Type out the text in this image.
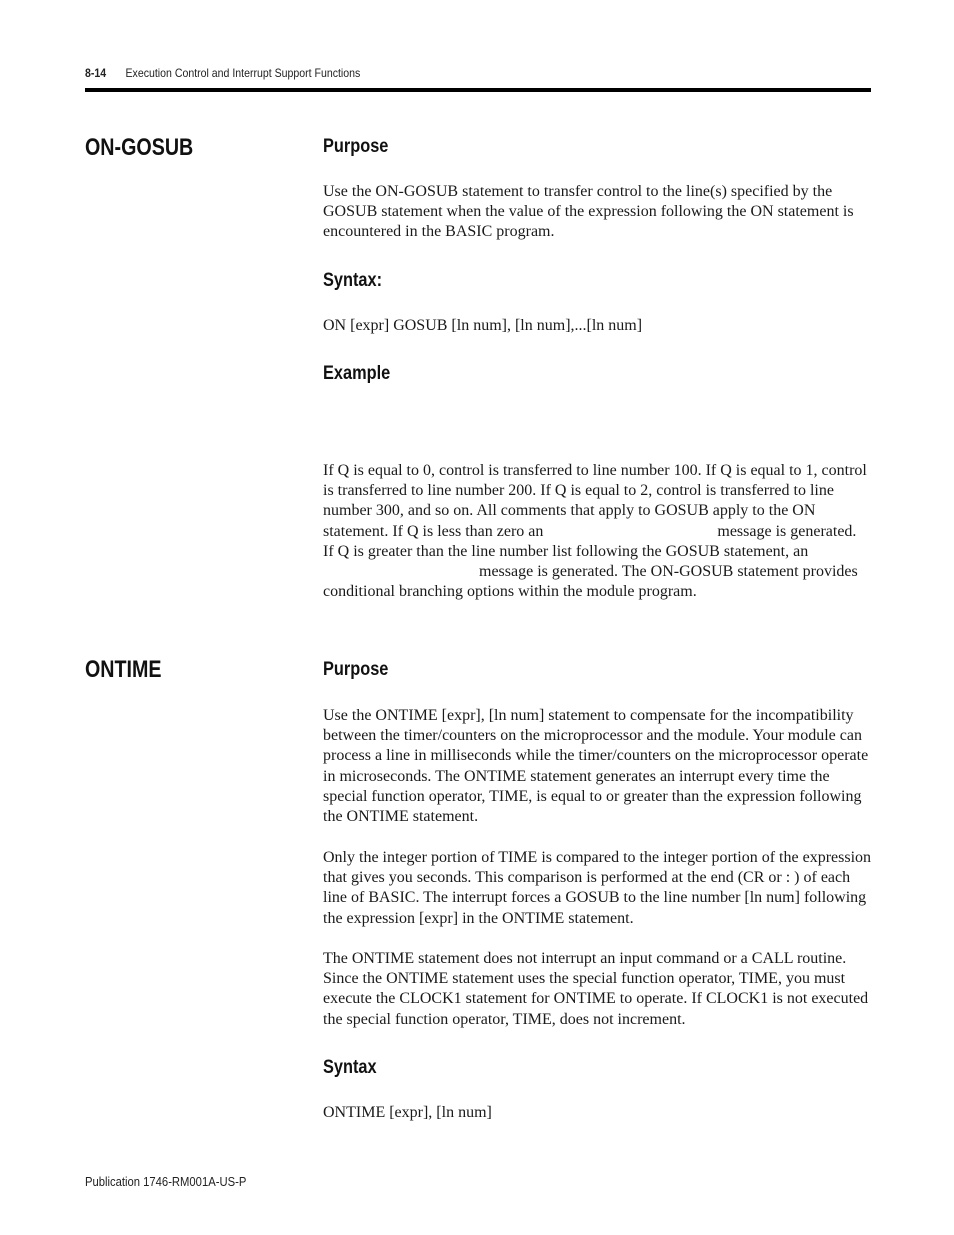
8-14 Execution Control and Interrupt Support Functions
ON-GOSUB	Purpose

Use the ON-GOSUB statement to transfer control to the line(s) specified by the GOSUB statement when the value of the expression following the ON statement is encountered in the BASIC program.

Syntax:

ON [expr] GOSUB [ln num], [ln num],...[ln num]

Example

If Q is equal to 0, control is transferred to line number 100. If Q is equal to 1, control is transferred to line number 200. If Q is equal to 2, control is transferred to line number 300, and so on. All comments that apply to GOSUB apply to the ON statement. If Q is less than zero an	message is generated. If Q is greater than the line number list following the GOSUB statement, anmessage is generated. The ON-GOSUB statement provides conditional branching options within the module program.

ONTIME	Purpose

Use the ONTIME [expr], [ln num] statement to compensate for the incompatibility between the timer/counters on the microprocessor and the module. Your module can process a line in milliseconds while the timer/counters on the microprocessor operate in microseconds. The ONTIME statement generates an interrupt every time the special function operator, TIME, is equal to or greater than the expression following the ONTIME statement.

Only the integer portion of TIME is compared to the integer portion of the expression that gives you seconds. This comparison is performed at the end (CR or : ) of each line of BASIC. The interrupt forces a GOSUB to the line number [ln num] following the expression [expr] in the ONTIME statement.

The ONTIME statement does not interrupt an input command or a CALL routine. Since the ONTIME statement uses the special function operator, TIME, you must execute the CLOCK1 statement for ONTIME to operate. If CLOCK1 is not executed the special function operator, TIME, does not increment.

Syntax

ONTIME [expr], [ln num]

Publication 1746-RM001A-US-P
